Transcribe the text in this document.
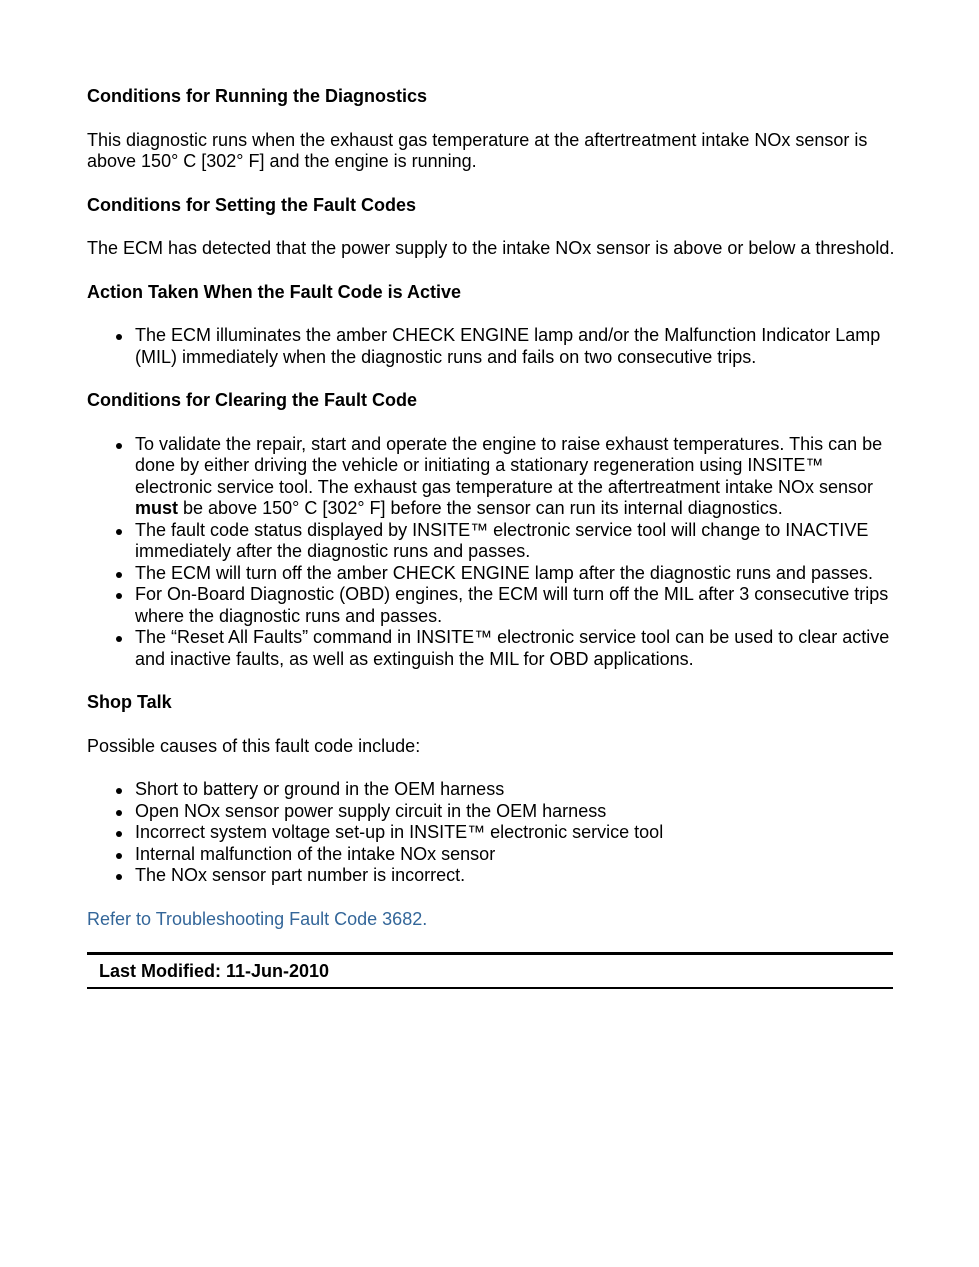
Conditions for Running the Diagnostics

This diagnostic runs when the exhaust gas temperature at the aftertreatment intake NOx sensor is above 150° C [302° F] and the engine is running.

Conditions for Setting the Fault Codes

The ECM has detected that the power supply to the intake NOx sensor is above or below a threshold.

Action Taken When the Fault Code is Active
The ECM illuminates the amber CHECK ENGINE lamp and/or the Malfunction Indicator Lamp (MIL) immediately when the diagnostic runs and fails on two consecutive trips.
Conditions for Clearing the Fault Code
To validate the repair, start and operate the engine to raise exhaust temperatures. This can be done by either driving the vehicle or initiating a stationary regeneration using INSITE™ electronic service tool. The exhaust gas temperature at the aftertreatment intake NOx sensor must be above 150° C [302° F] before the sensor can run its internal diagnostics.
The fault code status displayed by INSITE™ electronic service tool will change to INACTIVE immediately after the diagnostic runs and passes.
The ECM will turn off the amber CHECK ENGINE lamp after the diagnostic runs and passes.
For On-Board Diagnostic (OBD) engines, the ECM will turn off the MIL after 3 consecutive trips where the diagnostic runs and passes.
The “Reset All Faults” command in INSITE™ electronic service tool can be used to clear active and inactive faults, as well as extinguish the MIL for OBD applications.
Shop Talk

Possible causes of this fault code include:

Short to battery or ground in the OEM harness
Open NOx sensor power supply circuit in the OEM harness
Incorrect system voltage set-up in INSITE™ electronic service tool
Internal malfunction of the intake NOx sensor
The NOx sensor part number is incorrect.
Refer to Troubleshooting Fault Code 3682.
Last Modified: 11-Jun-2010
